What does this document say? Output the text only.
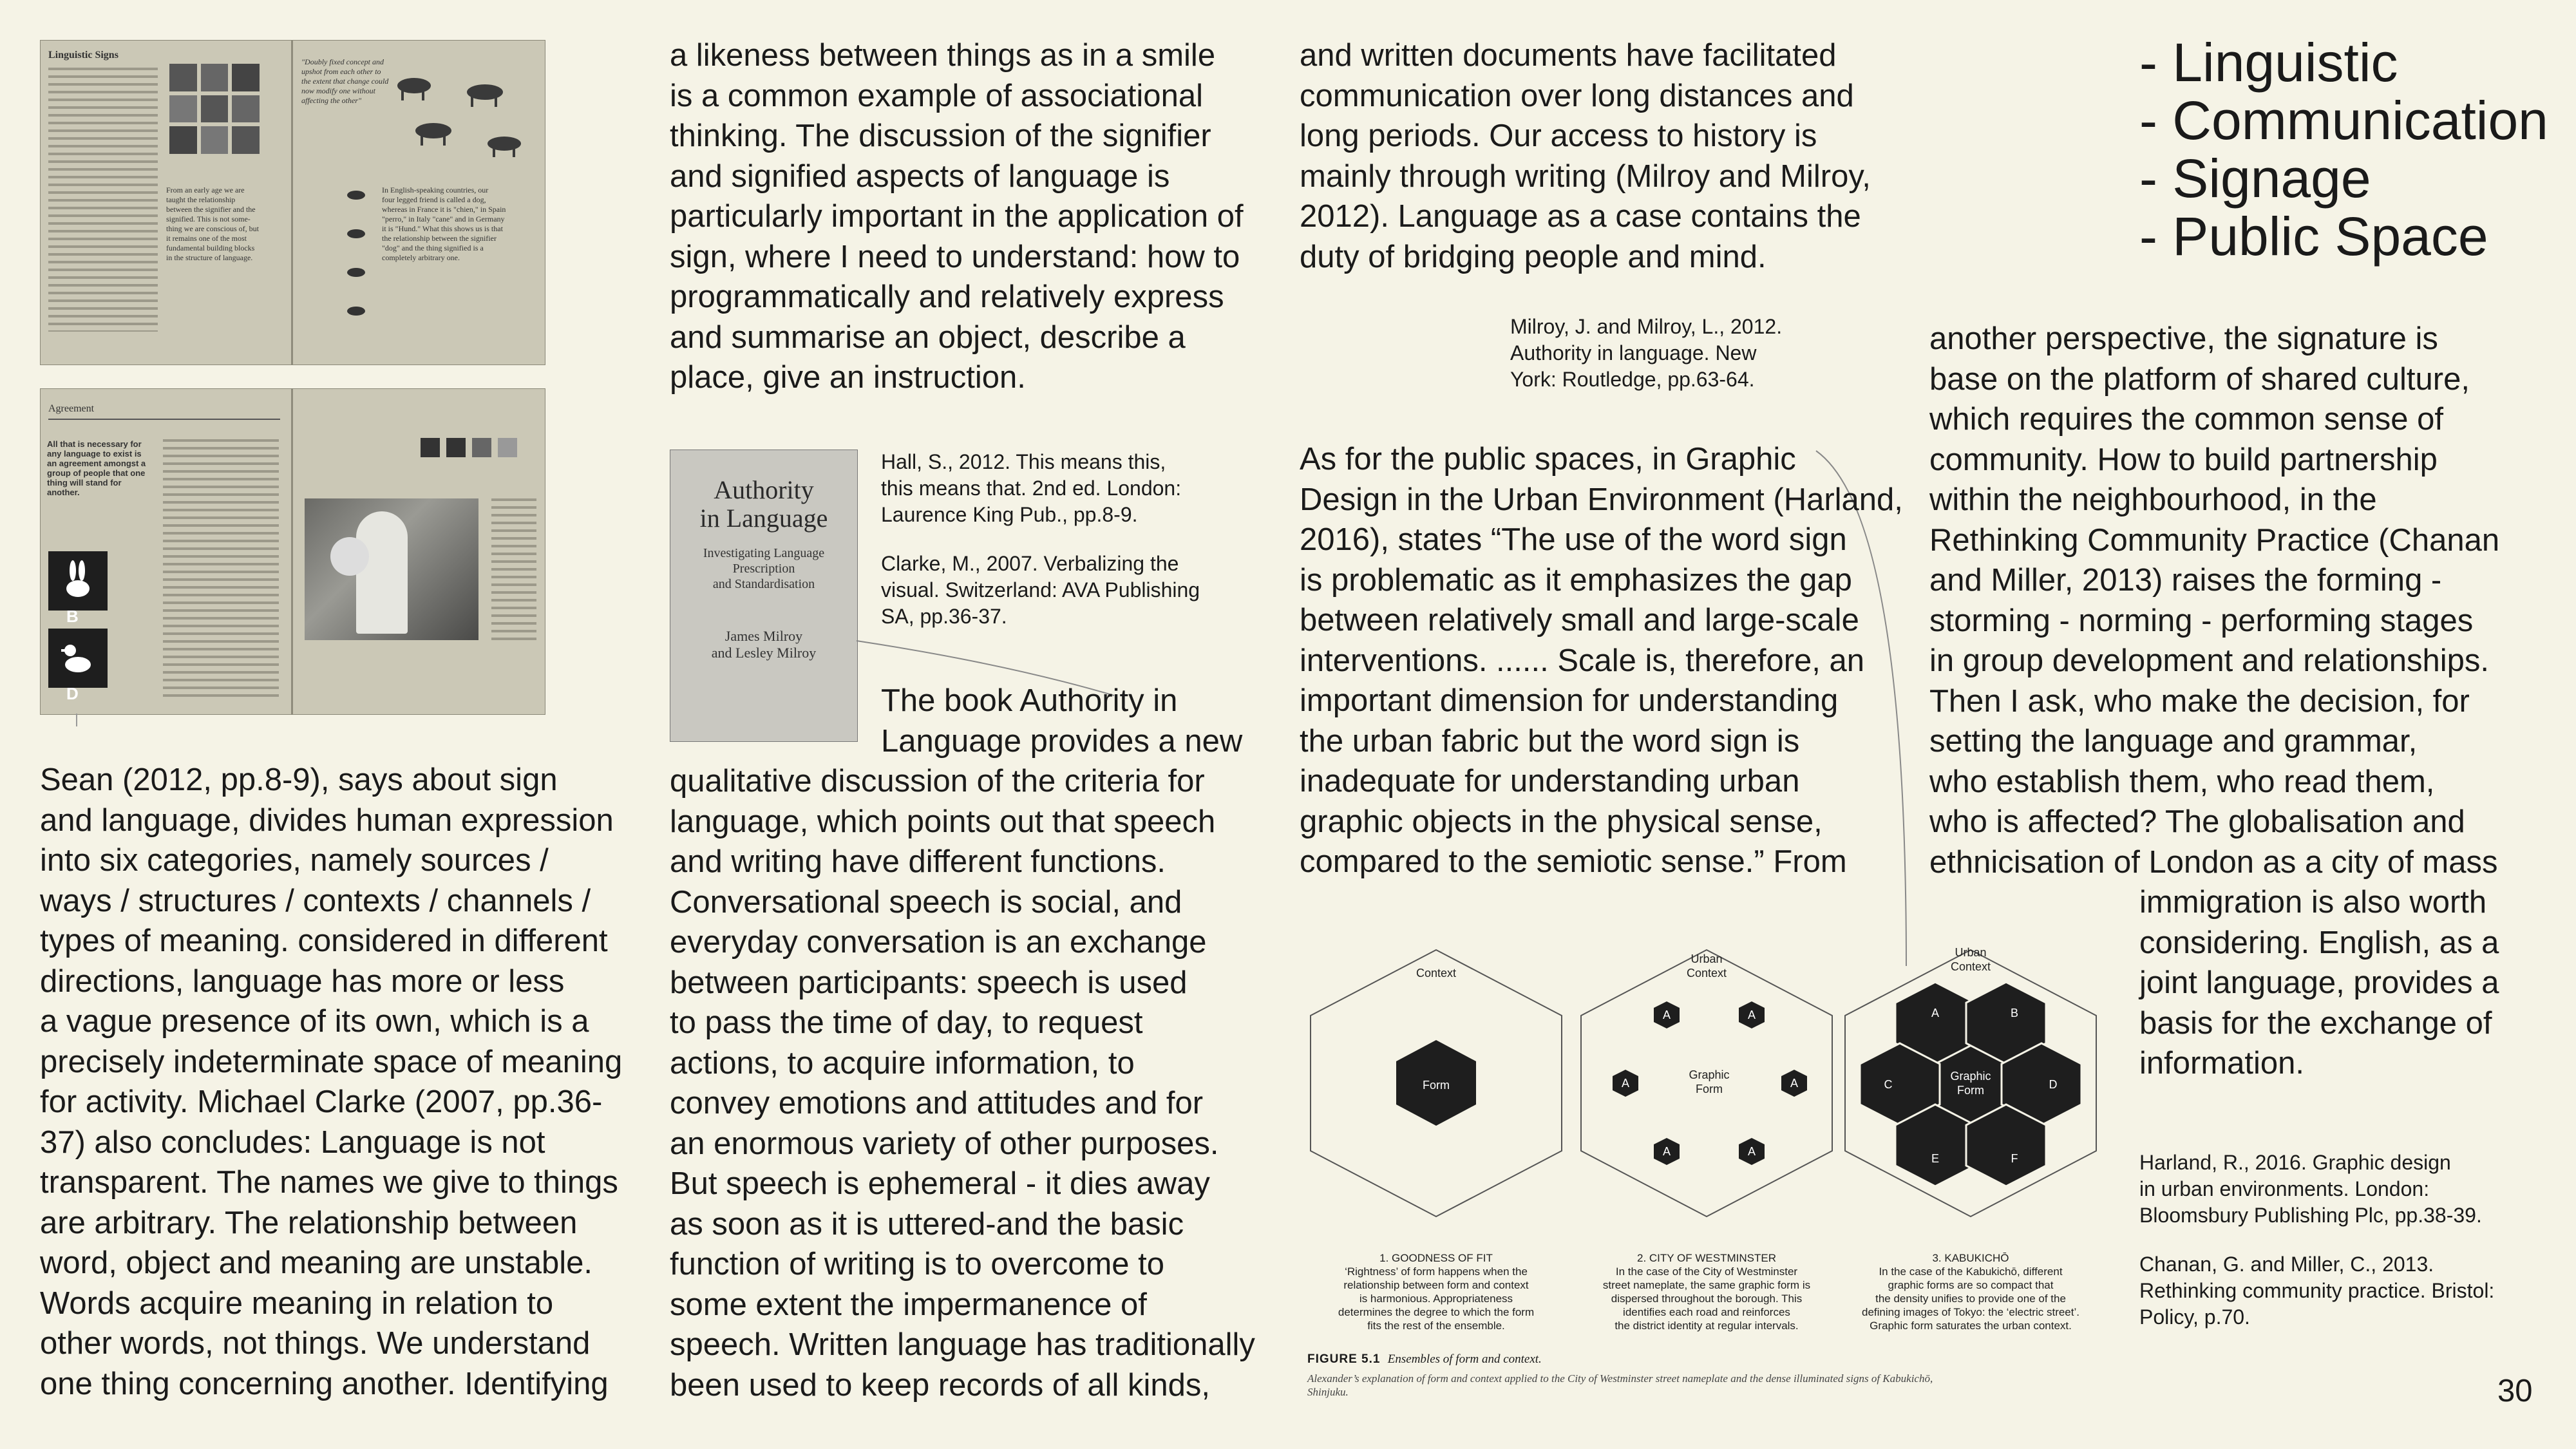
Linguistic Signs
From an early age we are
taught the relationship
between the signifier and the
signified. This is not some-
thing we are conscious of, but
it remains one of the most
fundamental building blocks
in the structure of language.
"Doubly fixed concept and
upshot from each other to
the extent that change could
now modify one without
affecting the other"
In English-speaking countries, our
four legged friend is called a dog,
whereas in France it is "chien," in Spain
"perro," in Italy "cane" and in Germany
it is "Hund." What this shows us is that
the relationship between the signifier
"dog" and the thing signified is a
completely arbitrary one.
Agreement
All that is necessary for
any language to exist is
an agreement amongst a
group of people that one
thing will stand for
another.
B
D

Sean (2012, pp.8-9), says about sign
and language, divides human expression
into six categories, namely sources /
ways / structures / contexts / channels /
types of meaning. considered in different
directions, language has more or less
a vague presence of its own, which is a
precisely indeterminate space of meaning
for activity. Michael Clarke (2007, pp.36-
37) also concludes: Language is not
transparent. The names we give to things
are arbitrary. The relationship between
word, object and meaning are unstable.
Words acquire meaning in relation to
other words, not things. We understand
one thing concerning another. Identifying

a likeness between things as in a smile
is a common example of associational
thinking. The discussion of the signifier
and signified aspects of language is
particularly important in the application of
sign, where I need to understand: how to
programmatically and relatively express
and summarise an object, describe a
place, give an instruction.

Authority
in Language
Investigating Language
Prescription
and Standardisation
James Milroy
and Lesley Milroy

Hall, S., 2012. This means this,
this means that. 2nd ed. London:
Laurence King Pub., pp.8-9.

Clarke, M., 2007. Verbalizing the
visual. Switzerland: AVA Publishing
SA, pp.36-37.

The book Authority in
Language provides a new

qualitative discussion of the criteria for
language, which points out that speech
and writing have different functions.
Conversational speech is social, and
everyday conversation is an exchange
between participants: speech is used
to pass the time of day, to request
actions, to acquire information, to
convey emotions and attitudes and for
an enormous variety of other purposes.
But speech is ephemeral - it dies away
as soon as it is uttered-and the basic
function of writing is to overcome to
some extent the impermanence of
speech. Written language has traditionally
been used to keep records of all kinds,

and written documents have facilitated
communication over long distances and
long periods. Our access to history is
mainly through writing (Milroy and Milroy,
2012). Language as a case contains the
duty of bridging people and mind.

Milroy, J. and Milroy, L., 2012.
Authority in language. New
York: Routledge, pp.63-64.

As for the public spaces, in Graphic
Design in the Urban Environment (Harland,
2016), states “The use of the word sign
is problematic as it emphasizes the gap
between relatively small and large-scale
interventions. ...... Scale is, therefore, an
important dimension for understanding
the urban fabric but the word sign is
inadequate for understanding urban
graphic objects in the physical sense,
compared to the semiotic sense.” From

Context
Form
Urban
Context
A	A
A	A
A	A
Graphic
Form
Urban
Context
Graphic
Form
A	B
C	D
E	F
1. GOODNESS OF FIT
‘Rightness’ of form happens when the
relationship between form and context
is harmonious. Appropriateness
determines the degree to which the form
fits the rest of the ensemble.
2. CITY OF WESTMINSTER
In the case of the City of Westminster
street nameplate, the same graphic form is
dispersed throughout the borough. This
identifies each road and reinforces
the district identity at regular intervals.
3. KABUKICHŌ
In the case of the Kabukichō, different
graphic forms are so compact that
the density unifies to provide one of the
defining images of Tokyo: the ‘electric street’.
Graphic form saturates the urban context.
FIGURE 5.1 Ensembles of form and context.
Alexander’s explanation of form and context applied to the City of Westminster street nameplate and the dense illuminated signs of Kabukichō,
Shinjuku.
- Linguistic
- Communication
- Signage
- Public Space

another perspective, the signature is
base on the platform of shared culture,
which requires the common sense of
community. How to build partnership
within the neighbourhood, in the
Rethinking Community Practice (Chanan
and Miller, 2013) raises the forming -
storming - norming - performing stages
in group development and relationships.
Then I ask, who make the decision, for
setting the language and grammar,
who establish them, who read them,
who is affected? The globalisation and
ethnicisation of London as a city of mass

immigration is also worth
considering. English, as a
joint language, provides a
basis for the exchange of
information.

Harland, R., 2016. Graphic design
in urban environments. London:
Bloomsbury Publishing Plc, pp.38-39.

Chanan, G. and Miller, C., 2013.
Rethinking community practice. Bristol:
Policy, p.70.

30
